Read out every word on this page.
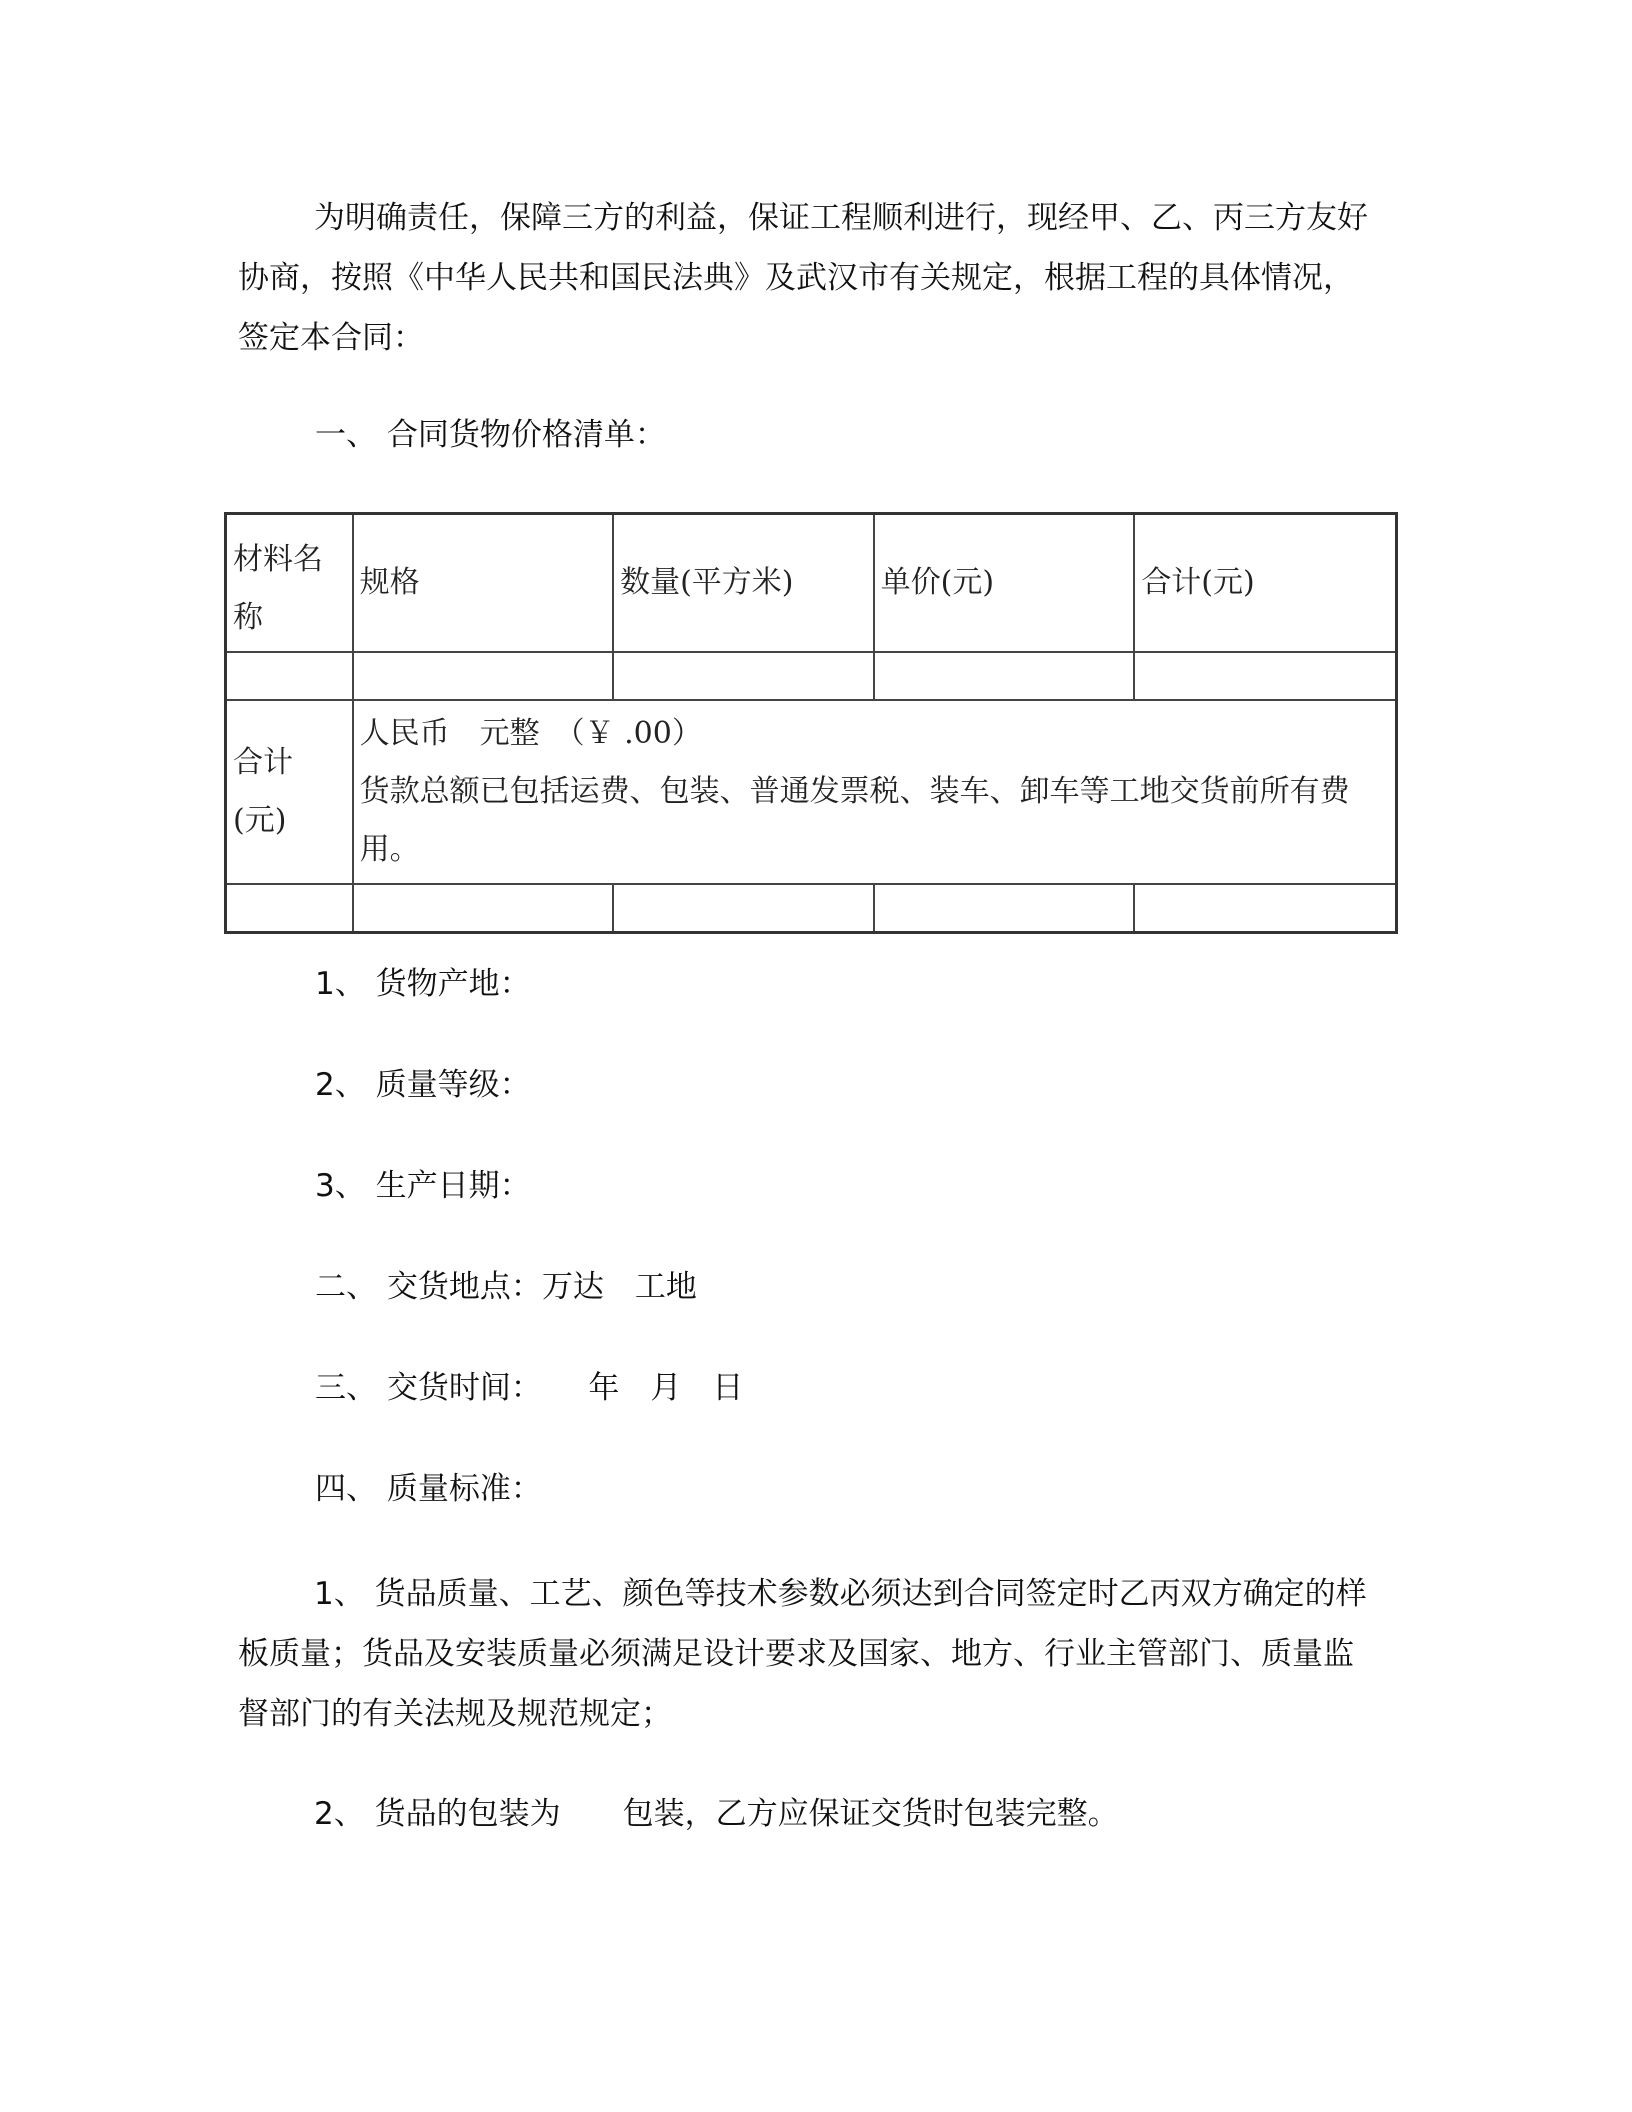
为明确责任，保障三方的利益，保证工程顺利进行，现经甲、乙、丙三方友好协商，按照《中华人民共和国民法典》及武汉市有关规定，根据工程的具体情况，签定本合同：

一、 合同货物价格清单：

材料名称	规格	数量(平方米)	单价(元)	合计(元)

合计(元)	人民币　元整　（￥ .00）
货款总额已包括运费、包装、普通发票税、装车、卸车等工地交货前所有费用。			

1、 货物产地：

2、 质量等级：

3、 生产日期：

二、 交货地点：万达　工地

三、 交货时间：　　年　月　日

四、 质量标准：

1、 货品质量、工艺、颜色等技术参数必须达到合同签定时乙丙双方确定的样板质量；货品及安装质量必须满足设计要求及国家、地方、行业主管部门、质量监督部门的有关法规及规范规定；

2、 货品的包装为　　包装，乙方应保证交货时包装完整。
